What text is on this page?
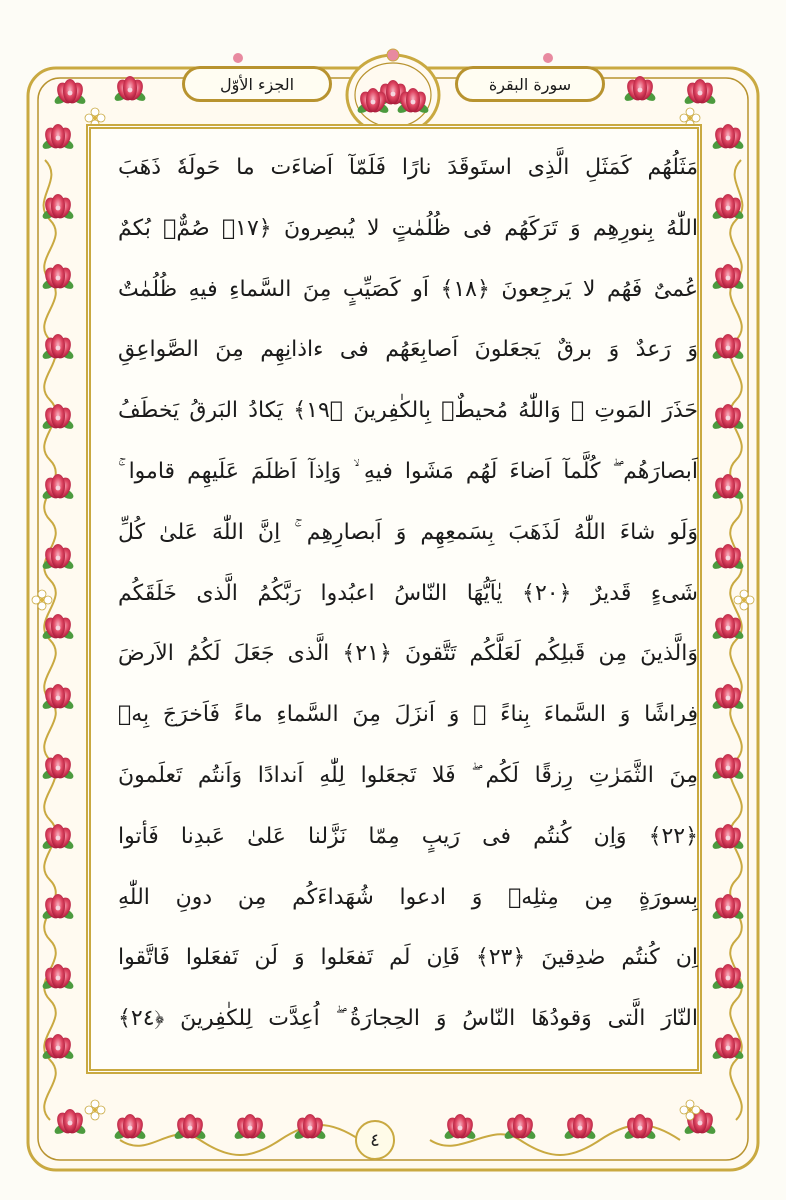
سورة البقرة
الجزء الأوّل
مَثَلُهُم كَمَثَلِ الَّذِى استَوقَدَ نارًا فَلَمّآ اَضاءَت ما حَولَهٗ ذَهَبَ
اللّٰهُ بِنورِهِم وَ تَرَكَهُم فى ظُلُمٰتٍ لا يُبصِرونَ ﴿١٧﴾ صُمٌّۢ بُكمٌ
عُمىٌ فَهُم لا يَرجِعونَ ﴿١٨﴾ اَو كَصَيِّبٍ مِنَ السَّماءِ فيهِ ظُلُمٰتٌ
وَ رَعدٌ وَ برقٌ يَجعَلونَ اَصابِعَهُم فى ءاذانِهِم مِنَ الصَّواعِقِ
حَذَرَ المَوتِ ۚ وَاللّٰهُ مُحيطٌۢ بِالكٰفِرينَ ﴿١٩﴾ يَكادُ البَرقُ يَخطَفُ
اَبصارَهُم ۖ كُلَّمآ اَضاءَ لَهُم مَشَوا فيهِ ۙ وَاِذآ اَظلَمَ عَلَيهِم قاموا ۚ
وَلَو شاءَ اللّٰهُ لَذَهَبَ بِسَمعِهِم وَ اَبصارِهِم ۚ اِنَّ اللّٰهَ عَلىٰ كُلِّ
شَىءٍ قَديرٌ ﴿٢٠﴾ يٰاَيُّهَا النّاسُ اعبُدوا رَبَّكُمُ الَّذى خَلَقَكُم
وَالَّذينَ مِن قَبلِكُم لَعَلَّكُم تَتَّقونَ ﴿٢١﴾ الَّذى جَعَلَ لَكُمُ الاَرضَ
فِراشًا وَ السَّماءَ بِناءً ۖ وَ اَنزَلَ مِنَ السَّماءِ ماءً فَاَخرَجَ بِهٖ
مِنَ الثَّمَرٰتِ رِزقًا لَكُم ۖ فَلا تَجعَلوا لِلّٰهِ اَندادًا وَاَنتُم تَعلَمونَ
﴿٢٢﴾ وَاِن كُنتُم فى رَيبٍ مِمّا نَزَّلنا عَلىٰ عَبدِنا فَأتوا
بِسورَةٍ مِن مِثلِهٖ وَ ادعوا شُهَداءَكُم مِن دونِ اللّٰهِ
اِن كُنتُم صٰدِقينَ ﴿٢٣﴾ فَاِن لَم تَفعَلوا وَ لَن تَفعَلوا فَاتَّقوا
النّارَ الَّتى وَقودُهَا النّاسُ وَ الحِجارَةُ ۖ اُعِدَّت لِلكٰفِرينَ ﴿٢٤﴾
٤
